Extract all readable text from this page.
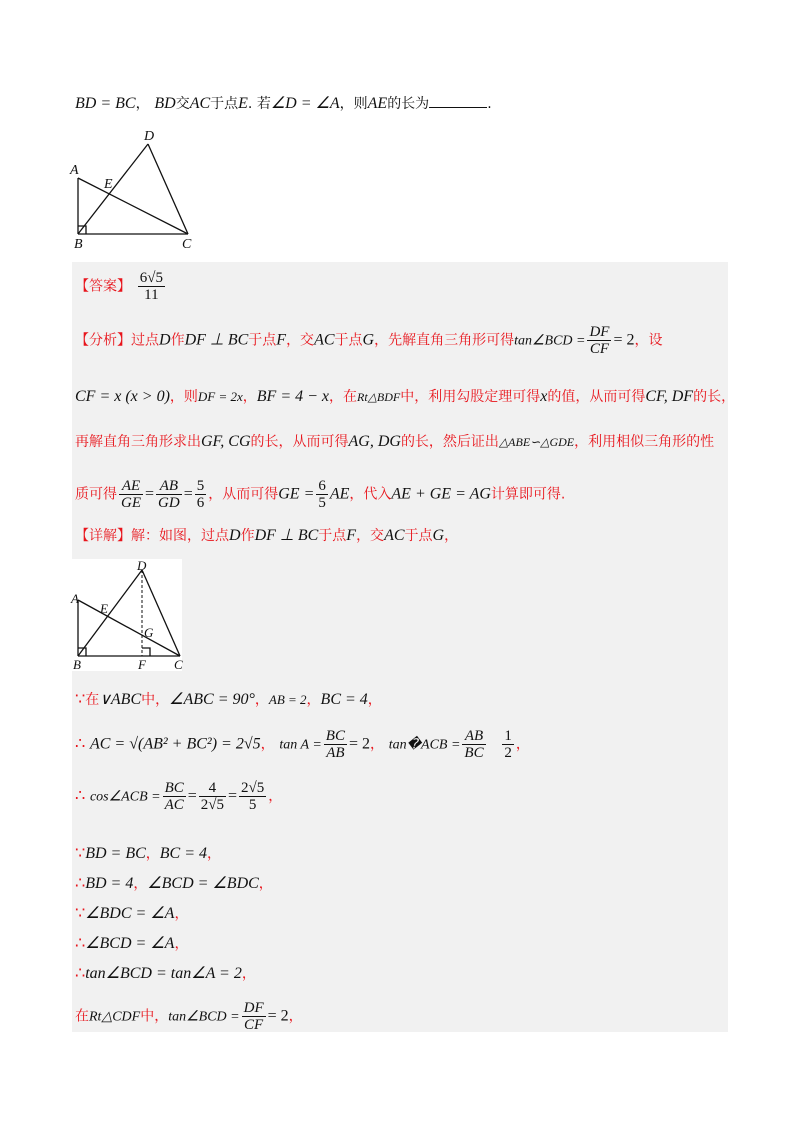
BD = BC， BD交AC于点E. 若∠D = ∠A，则AE的长为	.
A
B	C
D
E
【答案】 $\frac{6√5}{11}$
【分析】过点D作DF ⊥ BC于点F，交AC于点G，先解直角三角形可得tan∠BCD = $\frac{DF}{CF} = 2$，设
CF = x (x > 0)，则DF = 2x，BF = 4 − x，在Rt△BDF中，利用勾股定理可得x的值，从而可得CF, DF的长，
再解直角三角形求出GF, CG的长，从而可得AG, DG的长，然后证出△ABE∽△GDE，利用相似三角形的性
质可得 $\frac{AE}{GE} = \frac{AB}{GD} = \frac{5}{6}$ ，从而可得GE = $\frac{6}{5}$ AE，代入AE + GE = AG计算即可得.
【详解】解：如图，过点D作DF ⊥ BC于点F，交AC于点G，
A
B	C
D
E
F
G
∵在∨ABC中，∠ABC = 90°，AB = 2，BC = 4，
∴ AC = √(AB² + BC²) = 2√5， $\tan A = \frac{BC}{AB} = 2$， tan�ACB = $\frac{AB}{BC}$
$\frac{1}{2}$ ，
∴ cos∠ACB = $\frac{BC}{AC} = \frac{4}{2√5} = \frac{2√5}{5}$ ，
∵BD = BC，BC = 4，
∴BD = 4，∠BCD = ∠BDC，
∵∠BDC = ∠A，
∴∠BCD = ∠A，
∴tan∠BCD = tan∠A = 2，
在Rt△CDF中，tan∠BCD = $\frac{DF}{CF} = 2$，
